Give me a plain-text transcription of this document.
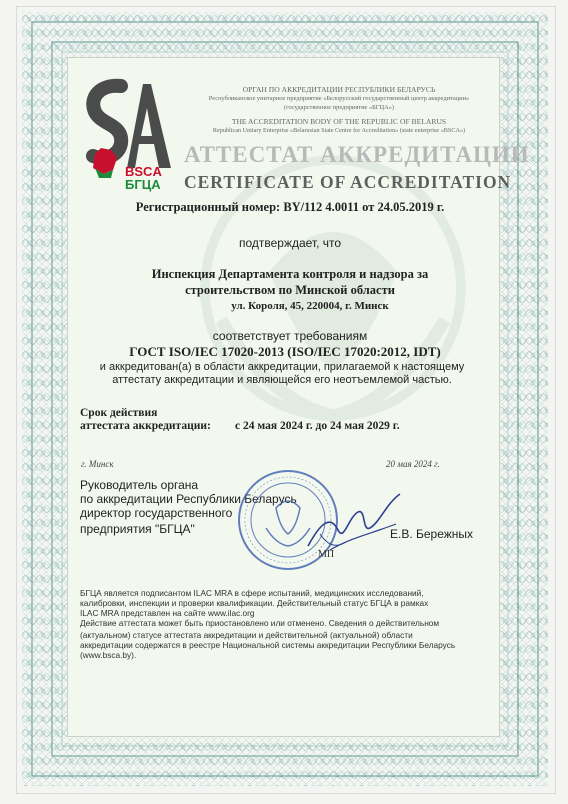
BSCA
БГЦА
ОРГАН ПО АККРЕДИТАЦИИ РЕСПУБЛИКИ БЕЛАРУСЬ
Республиканское унитарное предприятие «Белорусский государственный центр аккредитации»
(государственное предприятие «БГЦА»)
THE ACCREDITATION BODY OF THE REPUBLIC OF BELARUS
Republican Unitary Enterprise «Belarusian State Centre for Accreditation» (state enterprise «BSCA»)
АТТЕСТАТ АККРЕДИТАЦИИ
CERTIFICATE OF ACCREDITATION
Регистрационный номер: BY/112 4.0011 от 24.05.2019 г.
подтверждает, что
Инспекция Департамента контроля и надзора за
строительством по Минской области
ул. Короля, 45, 220004, г. Минск
соответствует требованиям
ГОСТ ISO/IEC 17020-2013 (ISO/IEC 17020:2012, IDT)
и аккредитован(а) в области аккредитации, прилагаемой к настоящему
аттестату аккредитации и являющейся его неотъемлемой частью.
Срок действия
аттестата аккредитации: с 24 мая 2024 г. до 24 мая 2029 г.
г. Минск	20 мая 2024 г.
Руководитель органа
по аккредитации Республики Беларусь
директор государственного
предприятия "БГЦА"	Е.В. Бережных
МП
БГЦА является подписантом ILAC MRA в сфере испытаний, медицинских исследований,
калибровки, инспекции и проверки квалификации. Действительный статус БГЦА в рамках
ILAC MRA представлен на сайте www.ilac.org
Действие аттестата может быть приостановлено или отменено. Сведения о действительном
(актуальном) статусе аттестата аккредитации и действительной (актуальной) области
аккредитации содержатся в реестре Национальной системы аккредитации Республики Беларусь
(www.bsca.by).
